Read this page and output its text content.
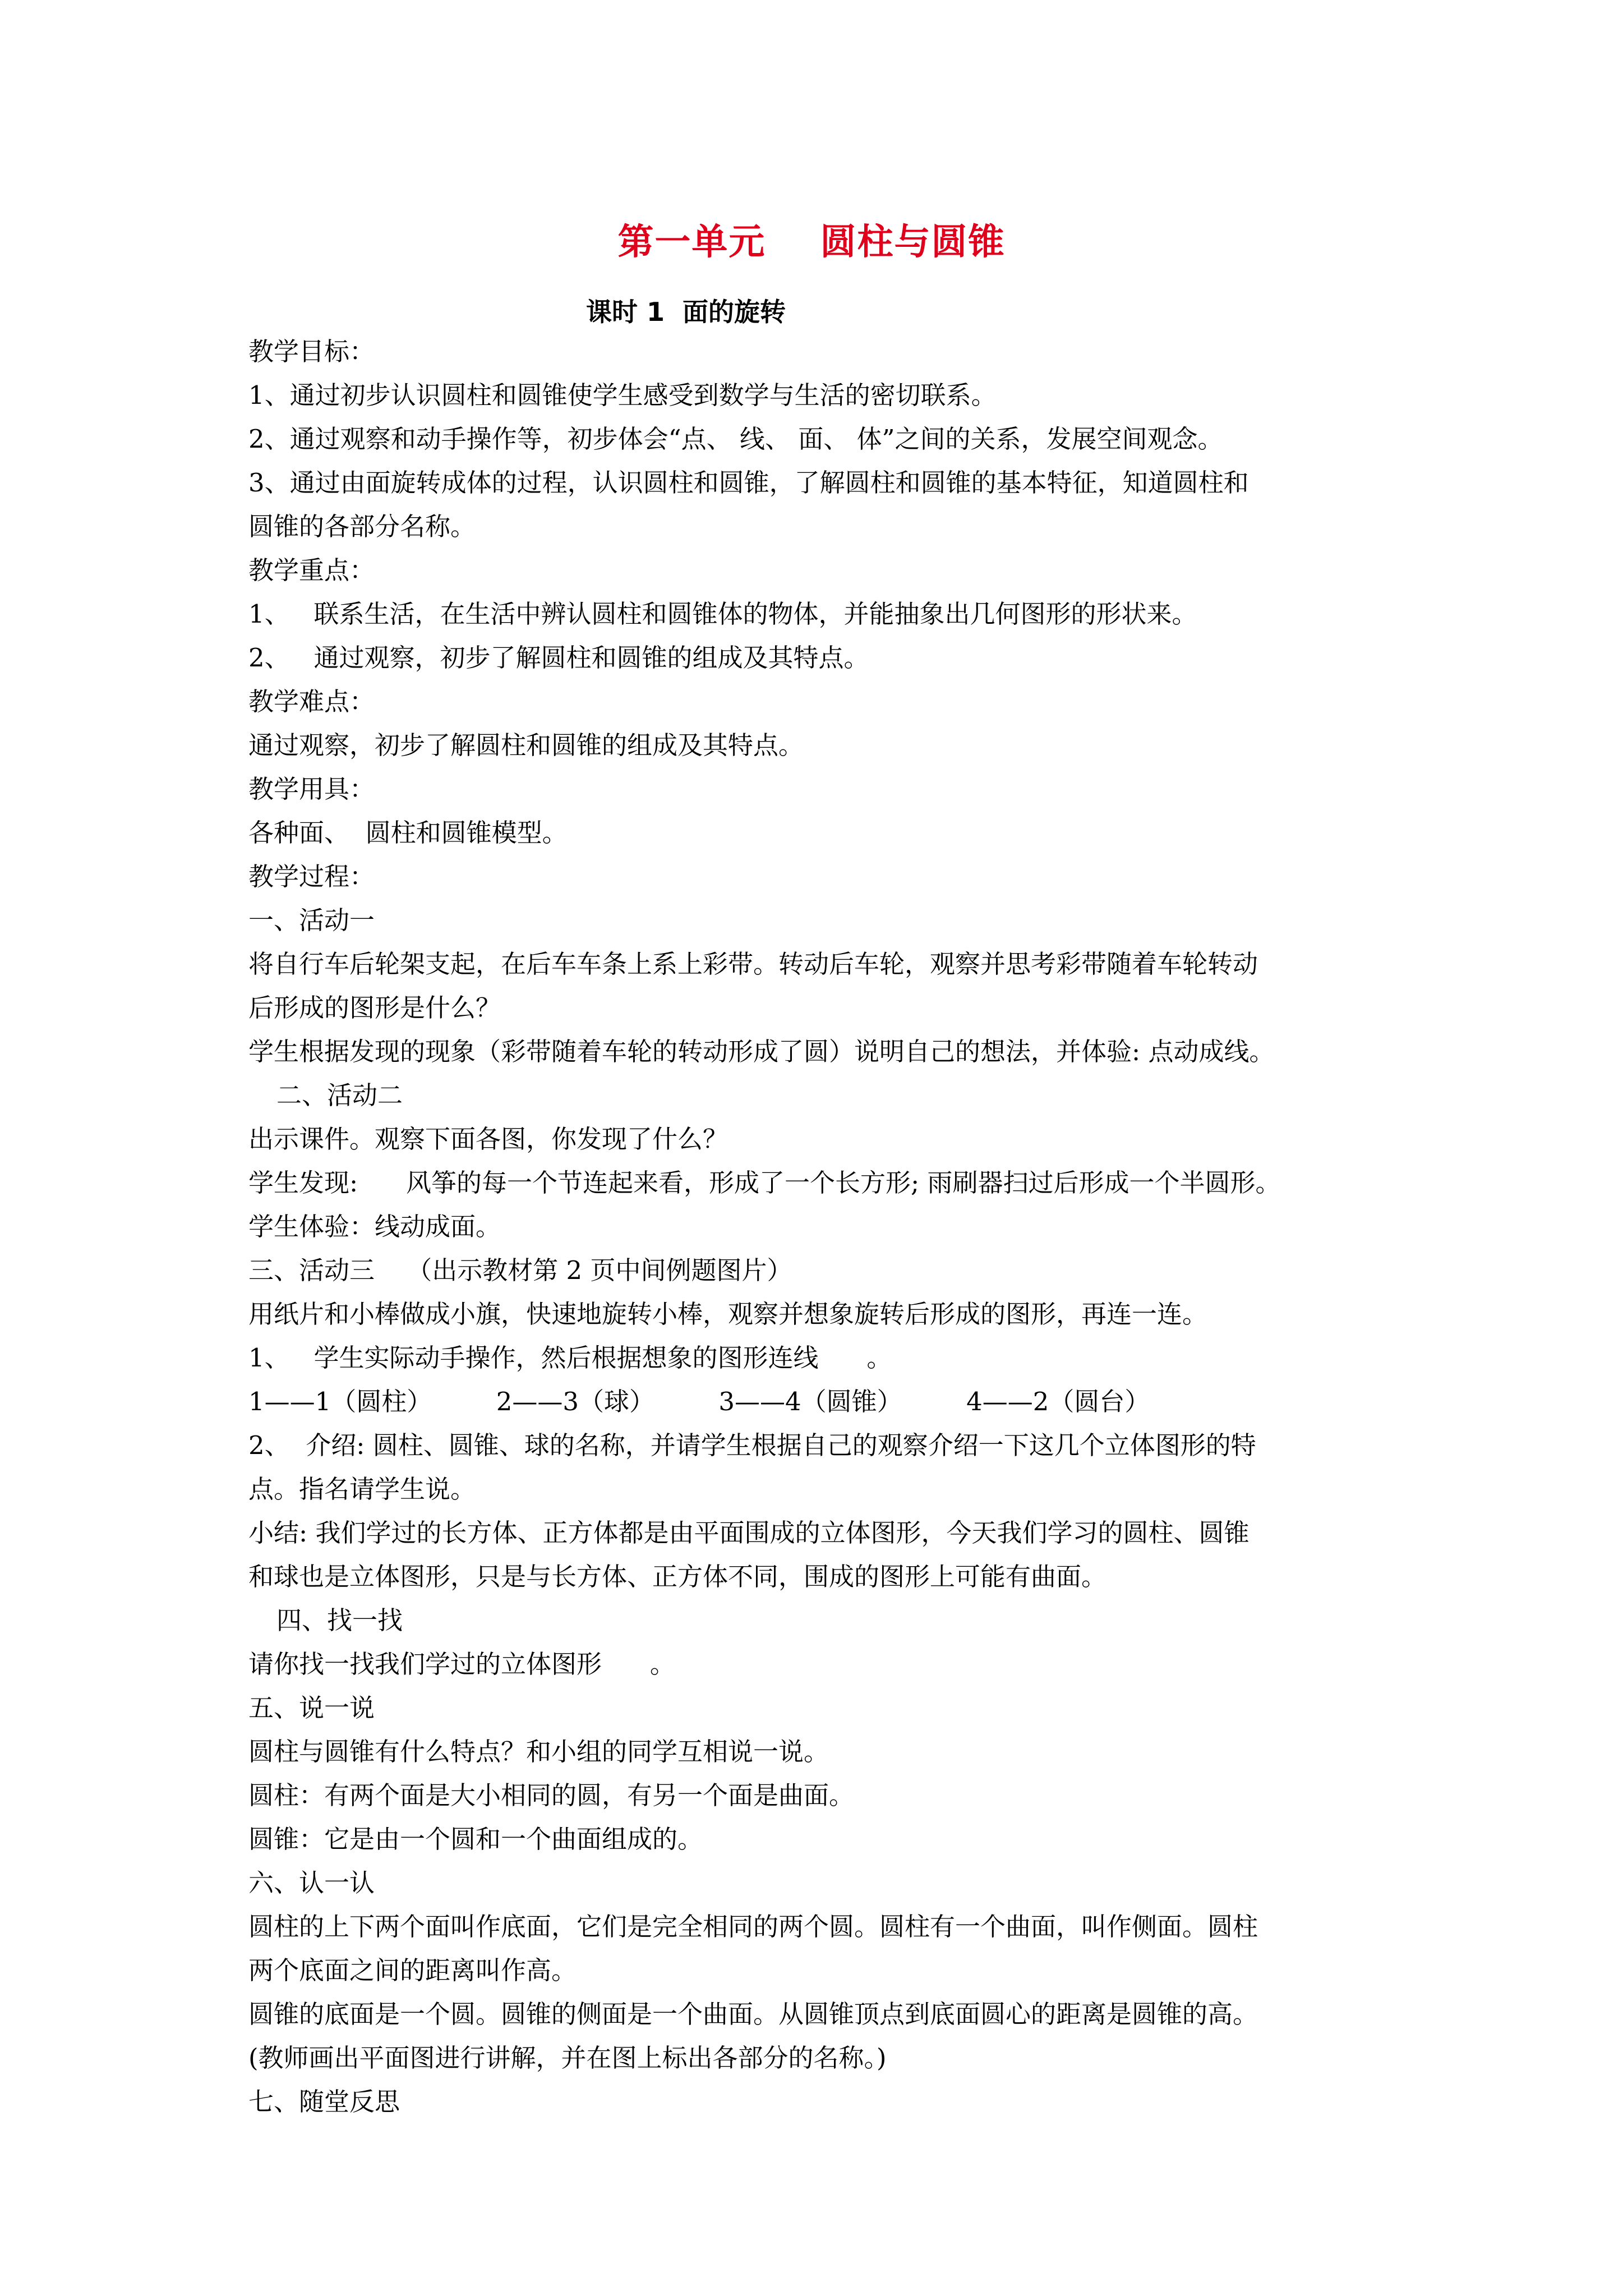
第一单元    圆柱与圆锥
课时 1  面的旋转
教学目标：
1、通过初步认识圆柱和圆锥使学生感受到数学与生活的密切联系。
2、通过观察和动手操作等，初步体会“点、 线、 面、 体”之间的关系，发展空间观念。
3、通过由面旋转成体的过程，认识圆柱和圆锥，了解圆柱和圆锥的基本特征，知道圆柱和
圆锥的各部分名称。
教学重点：
1、   联系生活，在生活中辨认圆柱和圆锥体的物体，并能抽象出几何图形的形状来。
2、   通过观察，初步了解圆柱和圆锥的组成及其特点。
教学难点：
通过观察，初步了解圆柱和圆锥的组成及其特点。
教学用具：
各种面、  圆柱和圆锥模型。
教学过程：
一、活动一
将自行车后轮架支起，在后车车条上系上彩带。转动后车轮，观察并思考彩带随着车轮转动
后形成的图形是什么？
学生根据发现的现象（彩带随着车轮的转动形成了圆）说明自己的想法，并体验: 点动成线。
二、活动二
出示课件。观察下面各图，你发现了什么？
学生发现:      风筝的每一个节连起来看，形成了一个长方形; 雨刷器扫过后形成一个半圆形。
学生体验：线动成面。
三、活动三    （出示教材第 2 页中间例题图片）
用纸片和小棒做成小旗，快速地旋转小棒，观察并想象旋转后形成的图形，再连一连。
1、   学生实际动手操作，然后根据想象的图形连线      。
1——1（圆柱）        2——3（球）        3——4（圆锥）        4——2（圆台）
2、  介绍: 圆柱、圆锥、球的名称，并请学生根据自己的观察介绍一下这几个立体图形的特
点。指名请学生说。
小结: 我们学过的长方体、正方体都是由平面围成的立体图形，今天我们学习的圆柱、圆锥
和球也是立体图形，只是与长方体、正方体不同，围成的图形上可能有曲面。
四、找一找
请你找一找我们学过的立体图形      。
五、说一说
圆柱与圆锥有什么特点？和小组的同学互相说一说。
圆柱：有两个面是大小相同的圆，有另一个面是曲面。
圆锥：它是由一个圆和一个曲面组成的。
六、认一认
圆柱的上下两个面叫作底面，它们是完全相同的两个圆。圆柱有一个曲面，叫作侧面。圆柱
两个底面之间的距离叫作高。
圆锥的底面是一个圆。圆锥的侧面是一个曲面。从圆锥顶点到底面圆心的距离是圆锥的高。
(教师画出平面图进行讲解，并在图上标出各部分的名称。)
七、随堂反思
